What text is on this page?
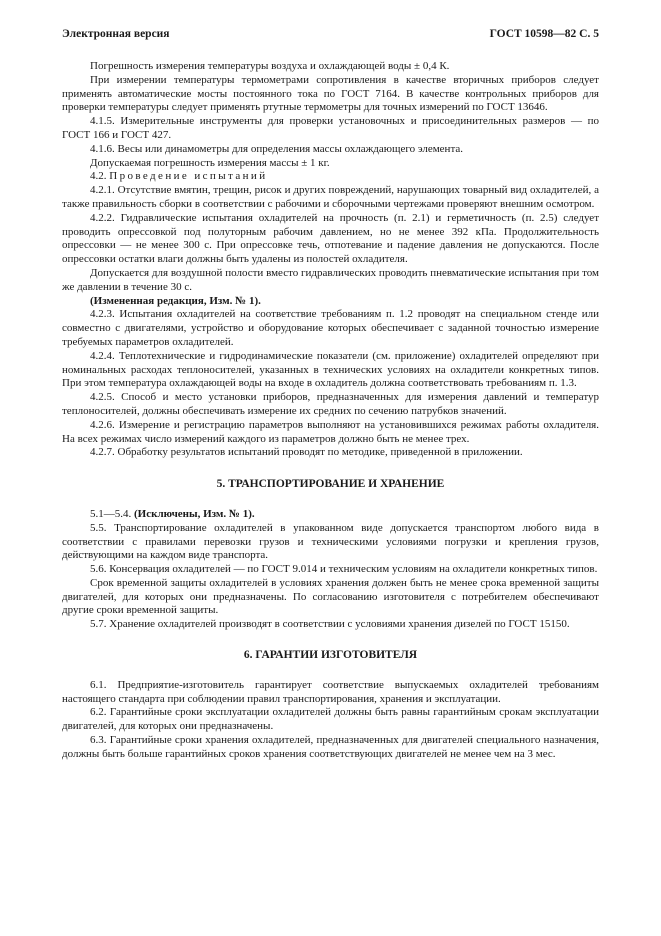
Электронная версия	ГОСТ 10598—82 С. 5

Погрешность измерения температуры воздуха и охлаждающей воды ± 0,4 К.

При измерении температуры термометрами сопротивления в качестве вторичных приборов следует применять автоматические мосты постоянного тока по ГОСТ 7164. В качестве контрольных приборов для проверки температуры следует применять ртутные термометры для точных измерений по ГОСТ 13646.

4.1.5. Измерительные инструменты для проверки установочных и присоединительных размеров — по ГОСТ 166 и ГОСТ 427.

4.1.6. Весы или динамометры для определения массы охлаждающего элемента.

Допускаемая погрешность измерения массы ± 1 кг.

4.2. Проведение испытаний

4.2.1. Отсутствие вмятин, трещин, рисок и других повреждений, нарушающих товарный вид охладителей, а также правильность сборки в соответствии с рабочими и сборочными чертежами проверяют внешним осмотром.

4.2.2. Гидравлические испытания охладителей на прочность (п. 2.1) и герметичность (п. 2.5) следует проводить опрессовкой под полуторным рабочим давлением, но не менее 392 кПа. Продолжительность опрессовки — не менее 300 с. При опрессовке течь, отпотевание и падение давления не допускаются. После опрессовки остатки влаги должны быть удалены из полостей охладителя.

Допускается для воздушной полости вместо гидравлических проводить пневматические испытания при том же давлении в течение 30 с.

(Измененная редакция, Изм. № 1).

4.2.3. Испытания охладителей на соответствие требованиям п. 1.2 проводят на специальном стенде или совместно с двигателями, устройство и оборудование которых обеспечивает с заданной точностью измерение требуемых параметров охладителей.

4.2.4. Теплотехнические и гидродинамические показатели (см. приложение) охладителей определяют при номинальных расходах теплоносителей, указанных в технических условиях на охладители конкретных типов. При этом температура охлаждающей воды на входе в охладитель должна соответствовать требованиям п. 1.3.

4.2.5. Способ и место установки приборов, предназначенных для измерения давлений и температур теплоносителей, должны обеспечивать измерение их средних по сечению патрубков значений.

4.2.6. Измерение и регистрацию параметров выполняют на установившихся режимах работы охладителя. На всех режимах число измерений каждого из параметров должно быть не менее трех.

4.2.7. Обработку результатов испытаний проводят по методике, приведенной в приложении.

5. ТРАНСПОРТИРОВАНИЕ И ХРАНЕНИЕ

5.1—5.4. (Исключены, Изм. № 1).

5.5. Транспортирование охладителей в упакованном виде допускается транспортом любого вида в соответствии с правилами перевозки грузов и техническими условиями погрузки и крепления грузов, действующими на каждом виде транспорта.

5.6. Консервация охладителей — по ГОСТ 9.014 и техническим условиям на охладители конкретных типов.

Срок временной защиты охладителей в условиях хранения должен быть не менее срока временной защиты двигателей, для которых они предназначены. По согласованию изготовителя с потребителем обеспечивают другие сроки временной защиты.

5.7. Хранение охладителей производят в соответствии с условиями хранения дизелей по ГОСТ 15150.

6. ГАРАНТИИ ИЗГОТОВИТЕЛЯ

6.1. Предприятие-изготовитель гарантирует соответствие выпускаемых охладителей требованиям настоящего стандарта при соблюдении правил транспортирования, хранения и эксплуатации.

6.2. Гарантийные сроки эксплуатации охладителей должны быть равны гарантийным срокам эксплуатации двигателей, для которых они предназначены.

6.3. Гарантийные сроки хранения охладителей, предназначенных для двигателей специального назначения, должны быть больше гарантийных сроков хранения соответствующих двигателей не менее чем на 3 мес.
